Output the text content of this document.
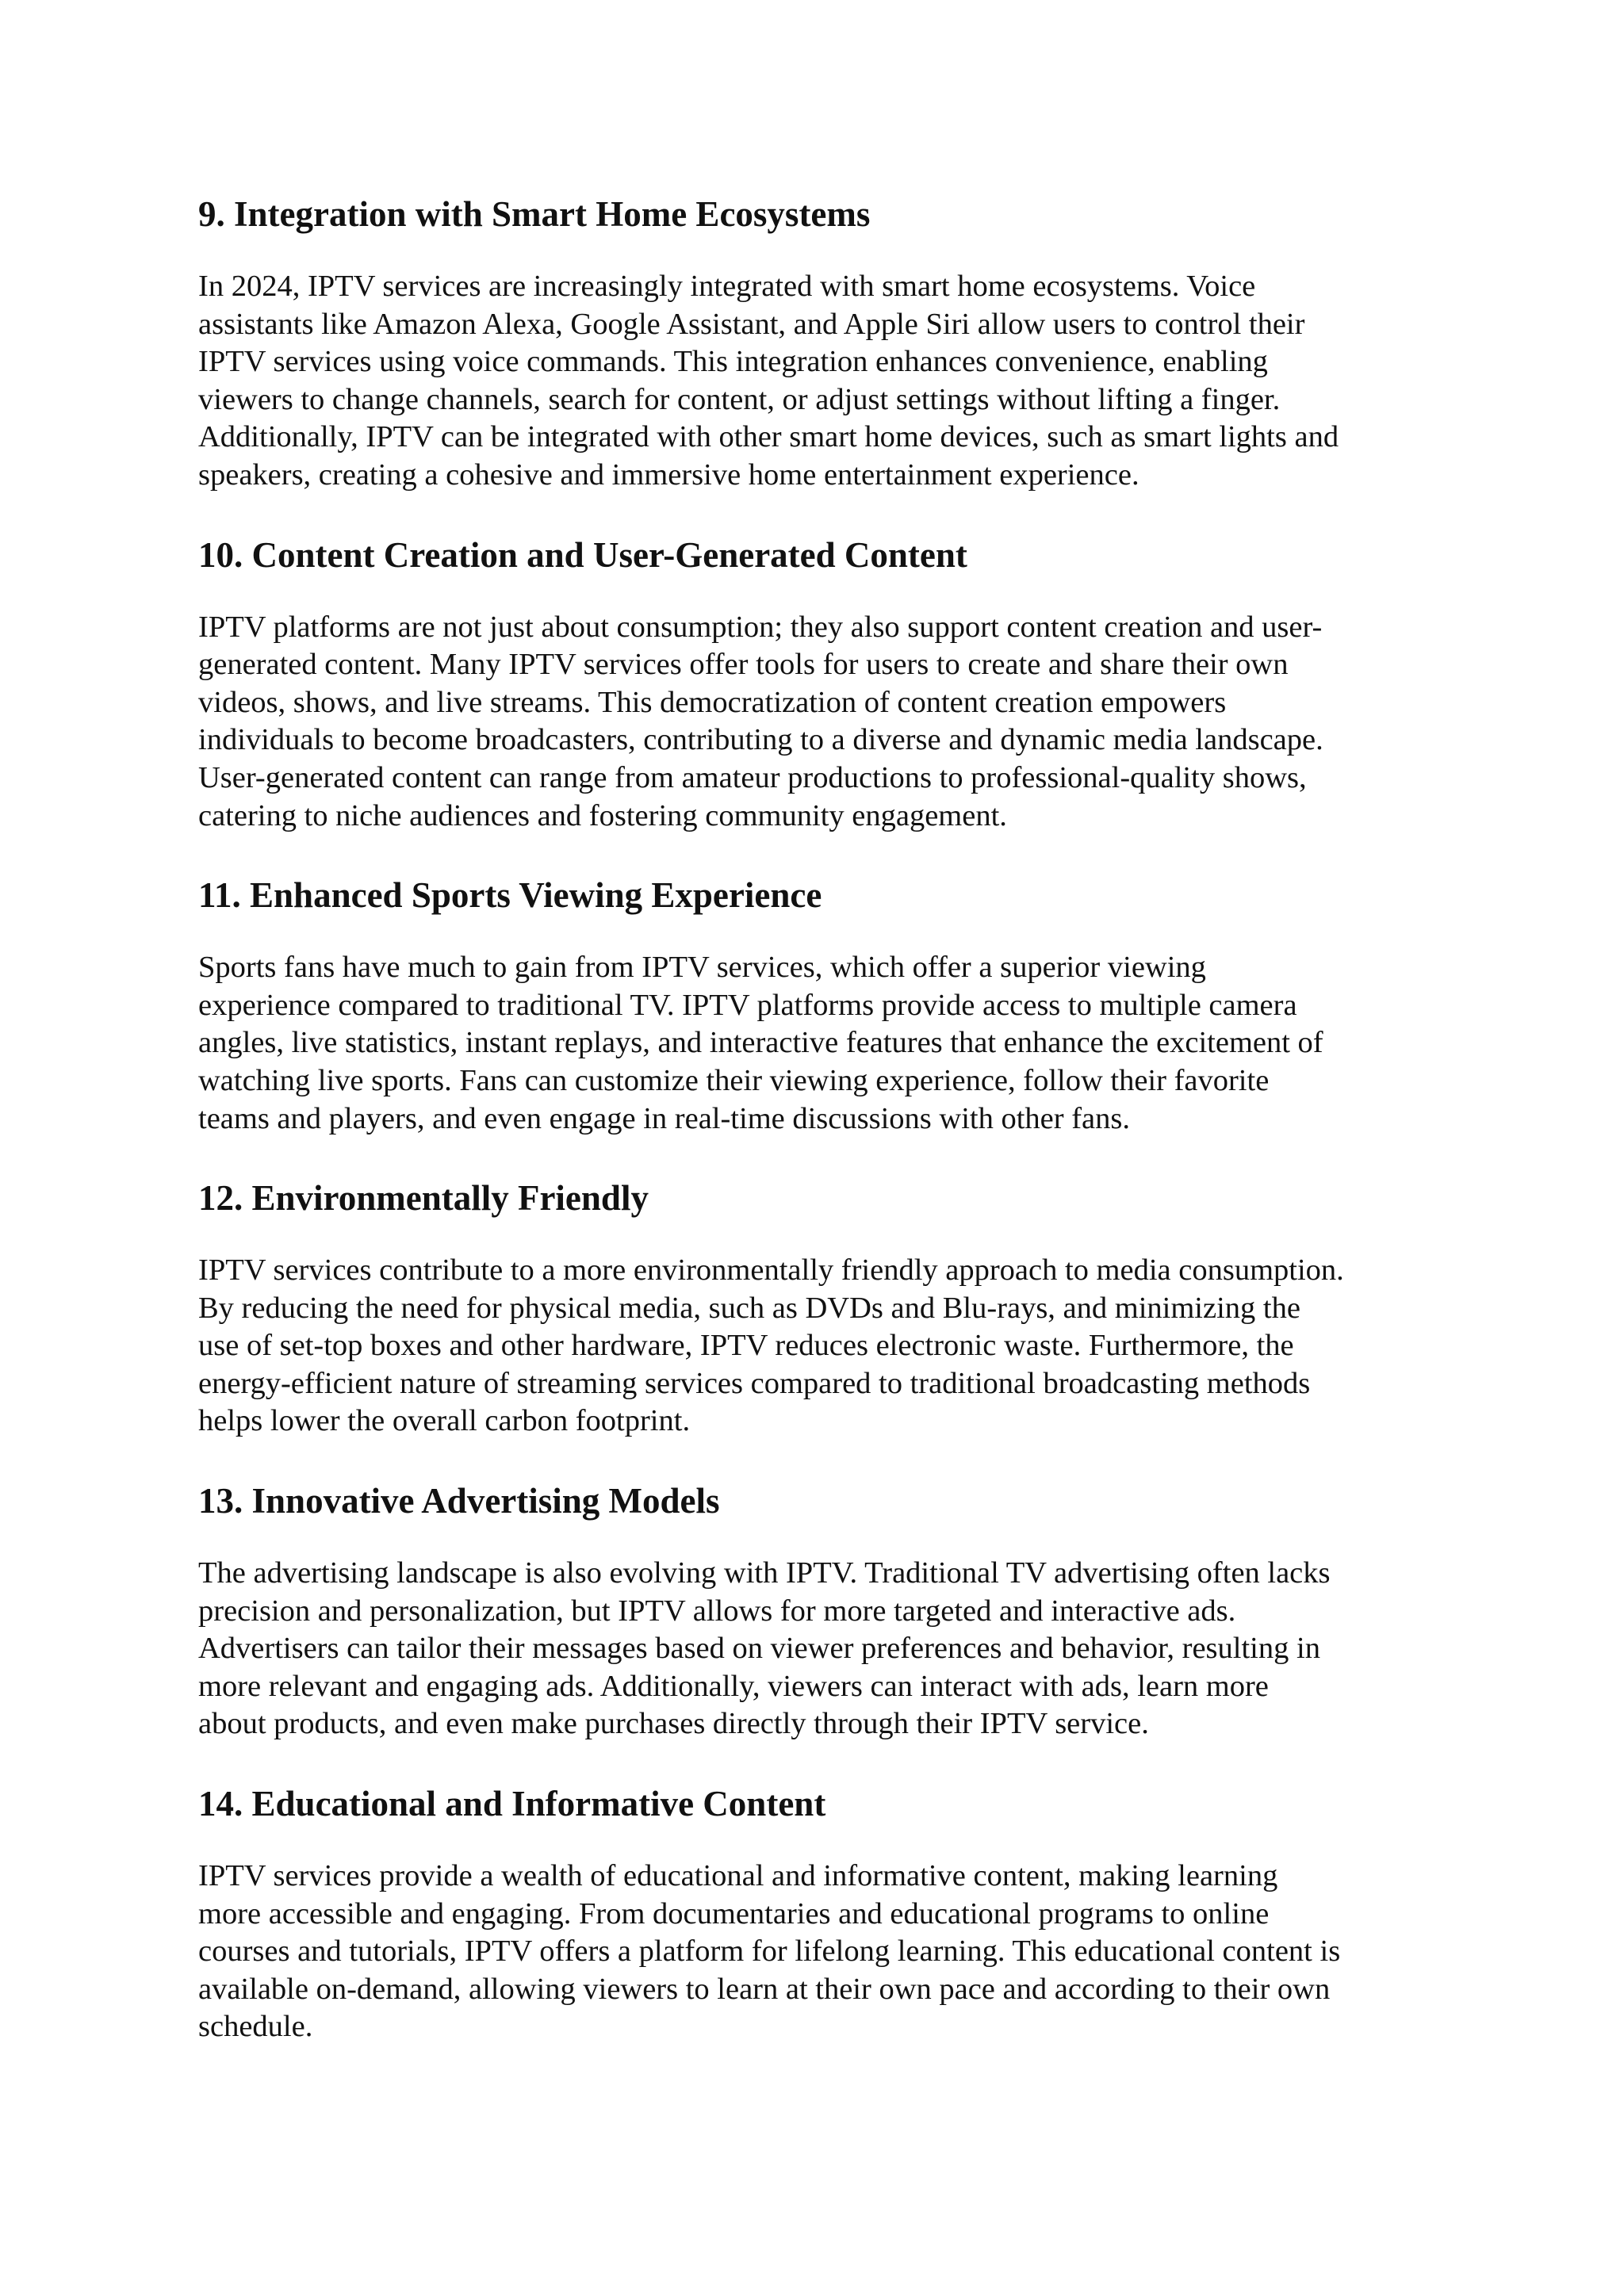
9. Integration with Smart Home Ecosystems

In 2024, IPTV services are increasingly integrated with smart home ecosystems. Voice
assistants like Amazon Alexa, Google Assistant, and Apple Siri allow users to control their
IPTV services using voice commands. This integration enhances convenience, enabling
viewers to change channels, search for content, or adjust settings without lifting a finger.
Additionally, IPTV can be integrated with other smart home devices, such as smart lights and
speakers, creating a cohesive and immersive home entertainment experience.

10. Content Creation and User-Generated Content

IPTV platforms are not just about consumption; they also support content creation and user-
generated content. Many IPTV services offer tools for users to create and share their own
videos, shows, and live streams. This democratization of content creation empowers
individuals to become broadcasters, contributing to a diverse and dynamic media landscape.
User-generated content can range from amateur productions to professional-quality shows,
catering to niche audiences and fostering community engagement.

11. Enhanced Sports Viewing Experience

Sports fans have much to gain from IPTV services, which offer a superior viewing
experience compared to traditional TV. IPTV platforms provide access to multiple camera
angles, live statistics, instant replays, and interactive features that enhance the excitement of
watching live sports. Fans can customize their viewing experience, follow their favorite
teams and players, and even engage in real-time discussions with other fans.

12. Environmentally Friendly

IPTV services contribute to a more environmentally friendly approach to media consumption.
By reducing the need for physical media, such as DVDs and Blu-rays, and minimizing the
use of set-top boxes and other hardware, IPTV reduces electronic waste. Furthermore, the
energy-efficient nature of streaming services compared to traditional broadcasting methods
helps lower the overall carbon footprint.

13. Innovative Advertising Models

The advertising landscape is also evolving with IPTV. Traditional TV advertising often lacks
precision and personalization, but IPTV allows for more targeted and interactive ads.
Advertisers can tailor their messages based on viewer preferences and behavior, resulting in
more relevant and engaging ads. Additionally, viewers can interact with ads, learn more
about products, and even make purchases directly through their IPTV service.

14. Educational and Informative Content

IPTV services provide a wealth of educational and informative content, making learning
more accessible and engaging. From documentaries and educational programs to online
courses and tutorials, IPTV offers a platform for lifelong learning. This educational content is
available on-demand, allowing viewers to learn at their own pace and according to their own
schedule.
